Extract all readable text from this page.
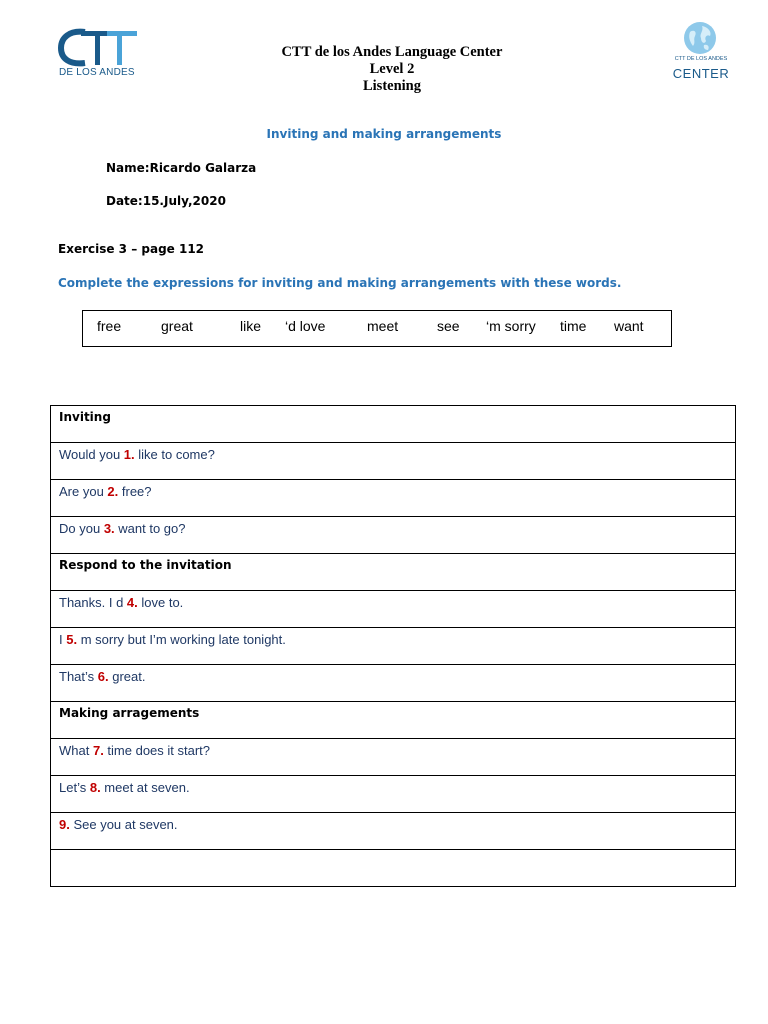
DE LOS ANDES
CTT de los Andes Language Center
Level 2
Listening
CTT DE LOS ANDES
CENTER
Inviting and making arrangements
Name:Ricardo Galarza
Date:15.July,2020
Exercise 3 – page 112
Complete the expressions for inviting and making arrangements with these words.
free	great	like ‘d love	meet	see ‘m sorry time want
Inviting
Would you 1. like to come?
Are you 2. free?
Do you 3. want to go?
Respond to the invitation
Thanks. I d 4. love to.
I 5. m sorry but I’m working late tonight.
That’s 6. great.
Making arragements
What 7. time does it start?
Let’s 8. meet at seven.
9. See you at seven.
